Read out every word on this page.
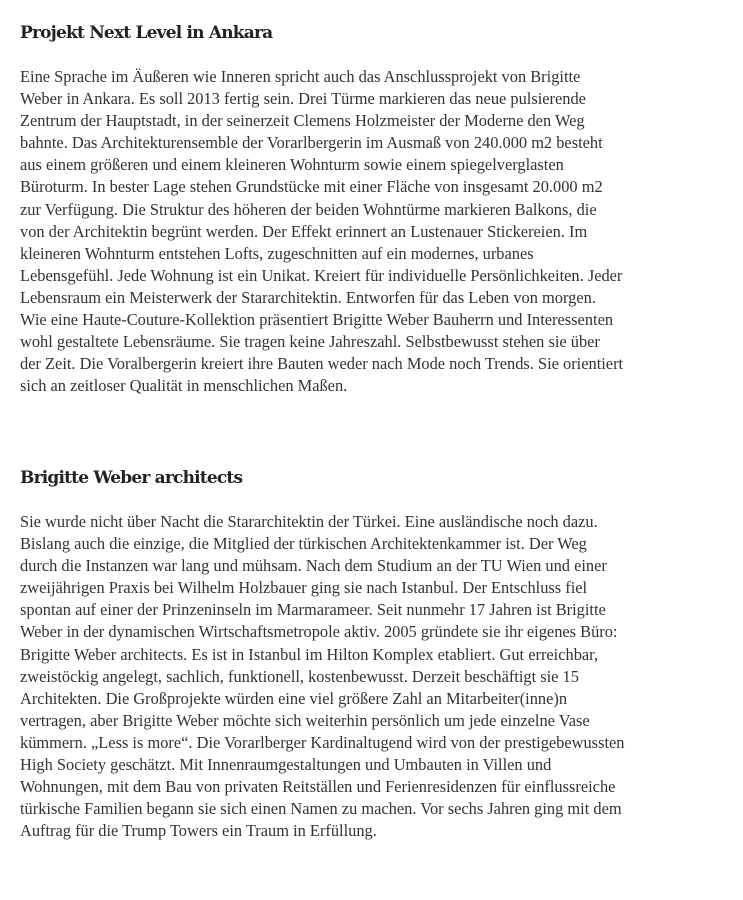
Projekt Next Level in Ankara

Eine Sprache im Äußeren wie Inneren spricht auch das Anschlussprojekt von Brigitte
Weber in Ankara. Es soll 2013 fertig sein. Drei Türme markieren das neue pulsierende
Zentrum der Hauptstadt, in der seinerzeit Clemens Holzmeister der Moderne den Weg
bahnte. Das Architekturensemble der Vorarlbergerin im Ausmaß von 240.000 m2 besteht
aus einem größeren und einem kleineren Wohnturm sowie einem spiegelverglasten
Büroturm. In bester Lage stehen Grundstücke mit einer Fläche von insgesamt 20.000 m2
zur Verfügung. Die Struktur des höheren der beiden Wohntürme markieren Balkons, die
von der Architektin begrünt werden. Der Effekt erinnert an Lustenauer Stickereien. Im
kleineren Wohnturm entstehen Lofts, zugeschnitten auf ein modernes, urbanes
Lebensgefühl. Jede Wohnung ist ein Unikat. Kreiert für individuelle Persönlichkeiten. Jeder
Lebensraum ein Meisterwerk der Stararchitektin. Entworfen für das Leben von morgen.
Wie eine Haute-Couture-Kollektion präsentiert Brigitte Weber Bauherrn und Interessenten
wohl gestaltete Lebensräume. Sie tragen keine Jahreszahl. Selbstbewusst stehen sie über
der Zeit. Die Voralbergerin kreiert ihre Bauten weder nach Mode noch Trends. Sie orientiert
sich an zeitloser Qualität in menschlichen Maßen.

Brigitte Weber architects

Sie wurde nicht über Nacht die Stararchitektin der Türkei. Eine ausländische noch dazu.
Bislang auch die einzige, die Mitglied der türkischen Architektenkammer ist. Der Weg
durch die Instanzen war lang und mühsam. Nach dem Studium an der TU Wien und einer
zweijährigen Praxis bei Wilhelm Holzbauer ging sie nach Istanbul. Der Entschluss fiel
spontan auf einer der Prinzeninseln im Marmarameer. Seit nunmehr 17 Jahren ist Brigitte
Weber in der dynamischen Wirtschaftsmetropole aktiv. 2005 gründete sie ihr eigenes Büro:
Brigitte Weber architects. Es ist in Istanbul im Hilton Komplex etabliert. Gut erreichbar,
zweistöckig angelegt, sachlich, funktionell, kostenbewusst. Derzeit beschäftigt sie 15
Architekten. Die Großprojekte würden eine viel größere Zahl an Mitarbeiter(inne)n
vertragen, aber Brigitte Weber möchte sich weiterhin persönlich um jede einzelne Vase
kümmern. „Less is more“. Die Vorarlberger Kardinaltugend wird von der prestigebewussten
High Society geschätzt. Mit Innenraumgestaltungen und Umbauten in Villen und
Wohnungen, mit dem Bau von privaten Reitställen und Ferienresidenzen für einflussreiche
türkische Familien begann sie sich einen Namen zu machen. Vor sechs Jahren ging mit dem
Auftrag für die Trump Towers ein Traum in Erfüllung.
